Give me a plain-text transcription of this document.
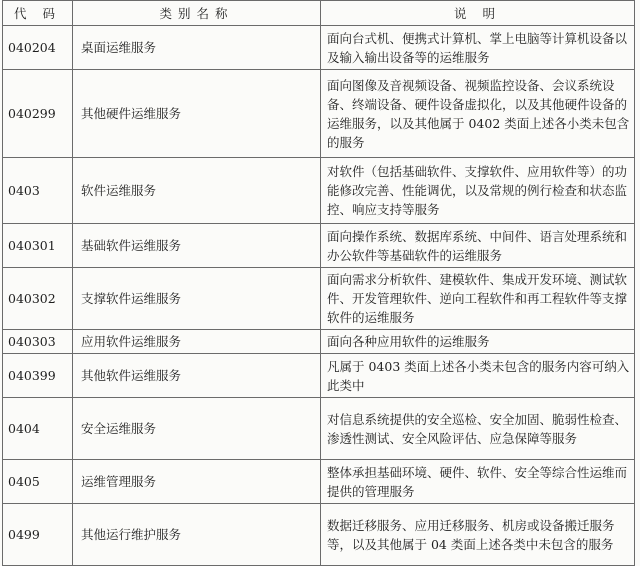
代 码	类别名称	说 明
040204	桌面运维服务	面向台式机、便携式计算机、掌上电脑等计算机设备以及输入输出设备等的运维服务
040299	其他硬件运维服务	面向图像及音视频设备、视频监控设备、会议系统设备、终端设备、硬件设备虚拟化，以及其他硬件设备的运维服务，以及其他属于 0402 类面上述各小类未包含的服务
0403	软件运维服务	对软件（包括基础软件、支撑软件、应用软件等）的功能修改完善、性能调优，以及常规的例行检查和状态监控、响应支持等服务
040301	基础软件运维服务	面向操作系统、数据库系统、中间件、语言处理系统和办公软件等基础软件的运维服务
040302	支撑软件运维服务	面向需求分析软件、建模软件、集成开发环境、测试软件、开发管理软件、逆向工程软件和再工程软件等支撑软件的运维服务
040303	应用软件运维服务	面向各种应用软件的运维服务
040399	其他软件运维服务	凡属于 0403 类面上述各小类未包含的服务内容可纳入此类中
0404	安全运维服务	对信息系统提供的安全巡检、安全加固、脆弱性检查、渗透性测试、安全风险评估、应急保障等服务
0405	运维管理服务	整体承担基础环境、硬件、软件、安全等综合性运维而提供的管理服务
0499	其他运行维护服务	数据迁移服务、应用迁移服务、机房或设备搬迁服务等，以及其他属于 04 类面上述各类中未包含的服务
